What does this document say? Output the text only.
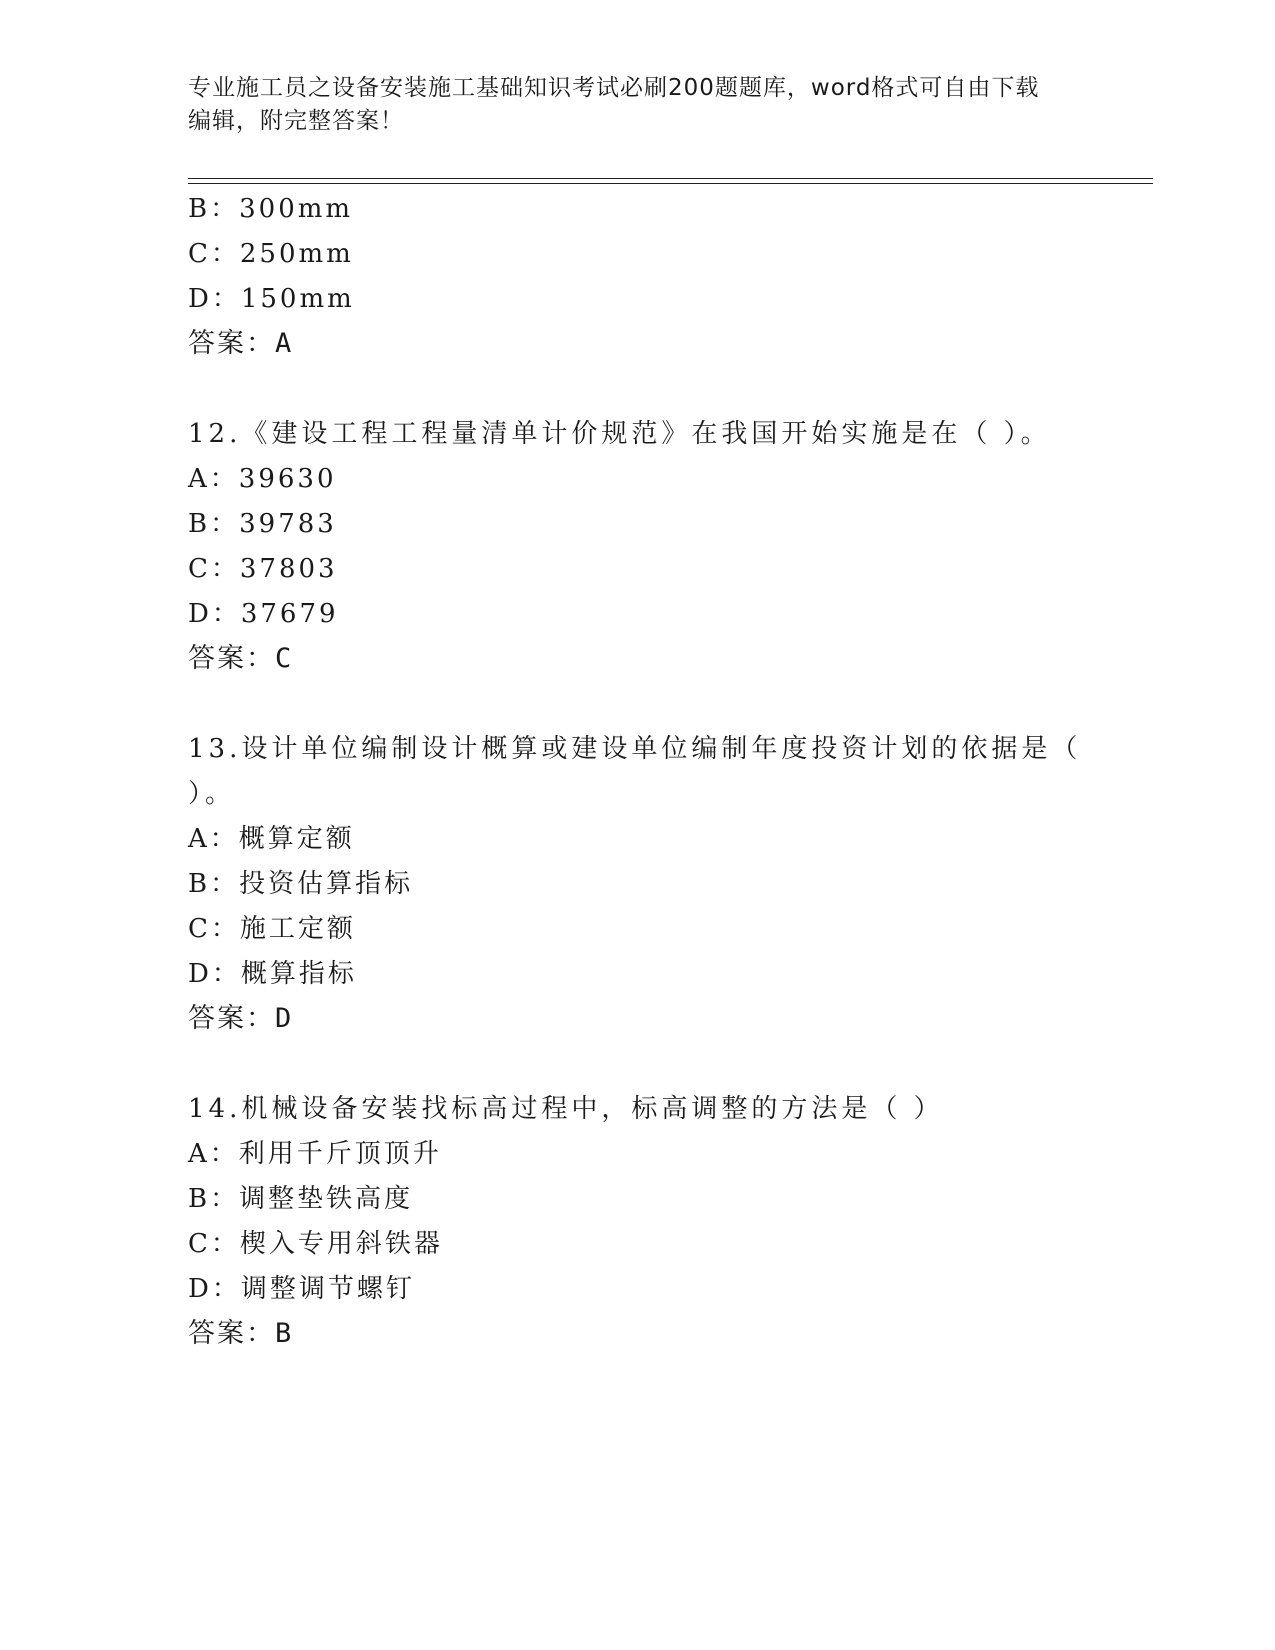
专业施工员之设备安装施工基础知识考试必刷200题题库，word格式可自由下载
编辑，附完整答案！
B：300mm
C：250mm
D：150mm
答案：A
12.《建设工程工程量清单计价规范》在我国开始实施是在（ ）。
A：39630
B：39783
C：37803
D：37679
答案：C
13.设计单位编制设计概算或建设单位编制年度投资计划的依据是（
）。
A：概算定额
B：投资估算指标
C：施工定额
D：概算指标
答案：D
14.机械设备安装找标高过程中，标高调整的方法是（ ）
A：利用千斤顶顶升
B：调整垫铁高度
C：楔入专用斜铁器
D：调整调节螺钉
答案：B
